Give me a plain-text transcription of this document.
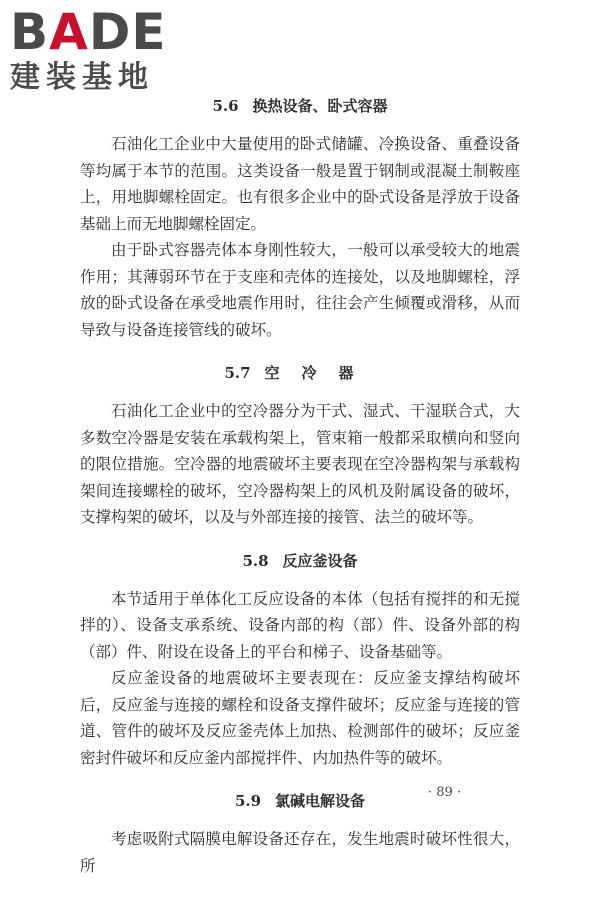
BADE
建装基地
5.6 换热设备、卧式容器

石油化工企业中大量使用的卧式储罐、冷换设备、重叠设备等均属于本节的范围。这类设备一般是置于钢制或混凝土制鞍座上，用地脚螺栓固定。也有很多企业中的卧式设备是浮放于设备基础上而无地脚螺栓固定。

由于卧式容器壳体本身刚性较大，一般可以承受较大的地震作用；其薄弱环节在于支座和壳体的连接处，以及地脚螺栓，浮放的卧式设备在承受地震作用时，往往会产生倾覆或滑移，从而导致与设备连接管线的破坏。

5.7 空冷器

石油化工企业中的空冷器分为干式、湿式、干湿联合式，大多数空冷器是安装在承载构架上，管束箱一般都采取横向和竖向的限位措施。空冷器的地震破坏主要表现在空冷器构架与承载构架间连接螺栓的破坏，空冷器构架上的风机及附属设备的破坏，支撑构架的破坏，以及与外部连接的接管、法兰的破坏等。

5.8 反应釜设备

本节适用于单体化工反应设备的本体（包括有搅拌的和无搅拌的）、设备支承系统、设备内部的构（部）件、设备外部的构（部）件、附设在设备上的平台和梯子、设备基础等。

反应釜设备的地震破坏主要表现在：反应釜支撑结构破坏后，反应釜与连接的螺栓和设备支撑件破坏；反应釜与连接的管道、管件的破坏及反应釜壳体上加热、检测部件的破坏；反应釜密封件破坏和反应釜内部搅拌件、内加热件等的破坏。

5.9 氯碱电解设备

考虑吸附式隔膜电解设备还存在，发生地震时破坏性很大，所

· 89 ·
